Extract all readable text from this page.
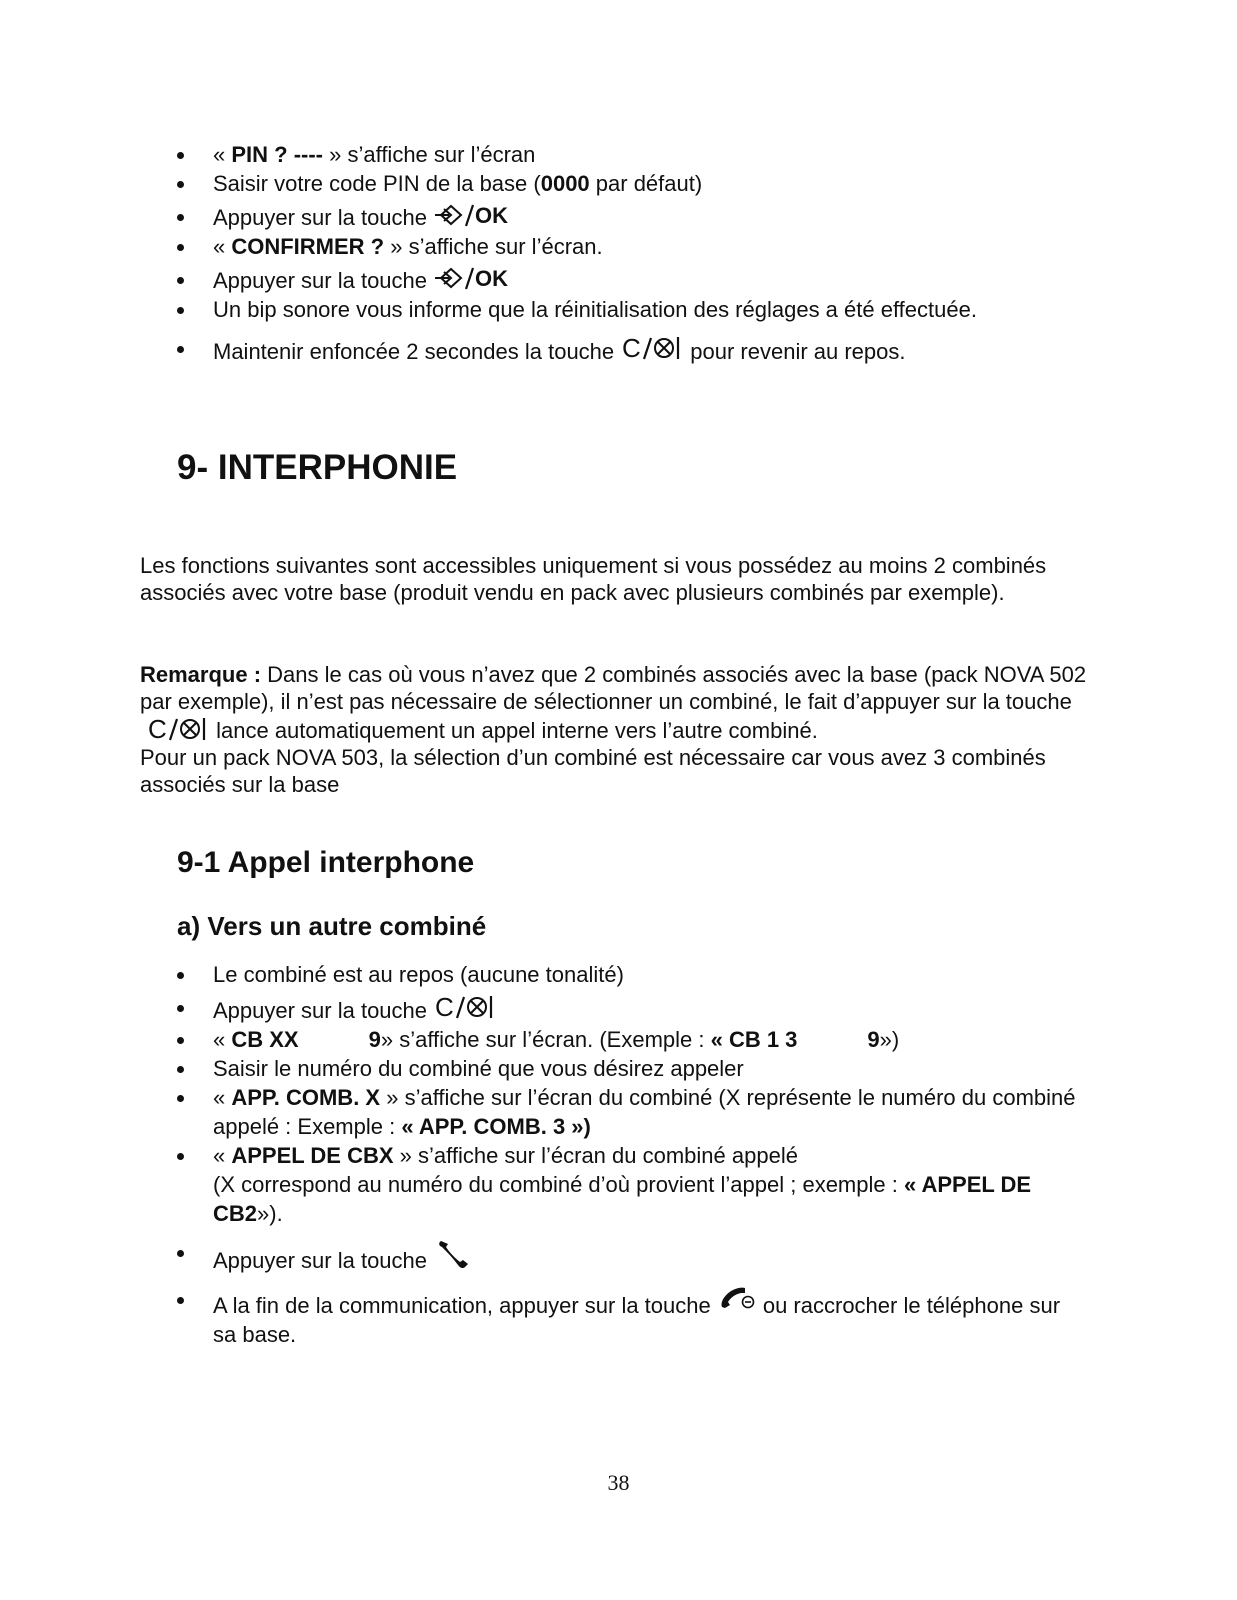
« PIN ? ---- » s’affiche sur l’écran
Saisir votre code PIN de la base (0000 par défaut)
Appuyer sur la touche OK
« CONFIRMER ? » s’affiche sur l’écran.
Appuyer sur la touche OK
Un bip sonore vous informe que la réinitialisation des réglages a été effectuée.
Maintenir enfoncée 2 secondes la touche C pour revenir au repos.
9- INTERPHONIE

Les fonctions suivantes sont accessibles uniquement si vous possédez au moins 2 combinés associés avec votre base (produit vendu en pack avec plusieurs combinés par exemple).

Remarque : Dans le cas où vous n’avez que 2 combinés associés avec la base (pack NOVA 502 par exemple), il n’est pas nécessaire de sélectionner un combiné, le fait d’appuyer sur la touche
C lance automatiquement un appel interne vers l’autre combiné.
Pour un pack NOVA 503, la sélection d’un combiné est nécessaire car vous avez 3 combinés associés sur la base

9-1 Appel interphone
a) Vers un autre combiné
Le combiné est au repos (aucune tonalité)
Appuyer sur la touche C
« CB XX	9» s’affiche sur l’écran. (Exemple : « CB 1 3	9»)
Saisir le numéro du combiné que vous désirez appeler
« APP. COMB. X » s’affiche sur l’écran du combiné (X représente le numéro du combiné appelé : Exemple : « APP. COMB. 3 »)
« APPEL DE CBX » s’affiche sur l’écran du combiné appelé
(X correspond au numéro du combiné d’où provient l’appel ; exemple : « APPEL DE CB2»).
Appuyer sur la touche
A la fin de la communication, appuyer sur la touche
ou raccrocher le téléphone sur sa base.
38
